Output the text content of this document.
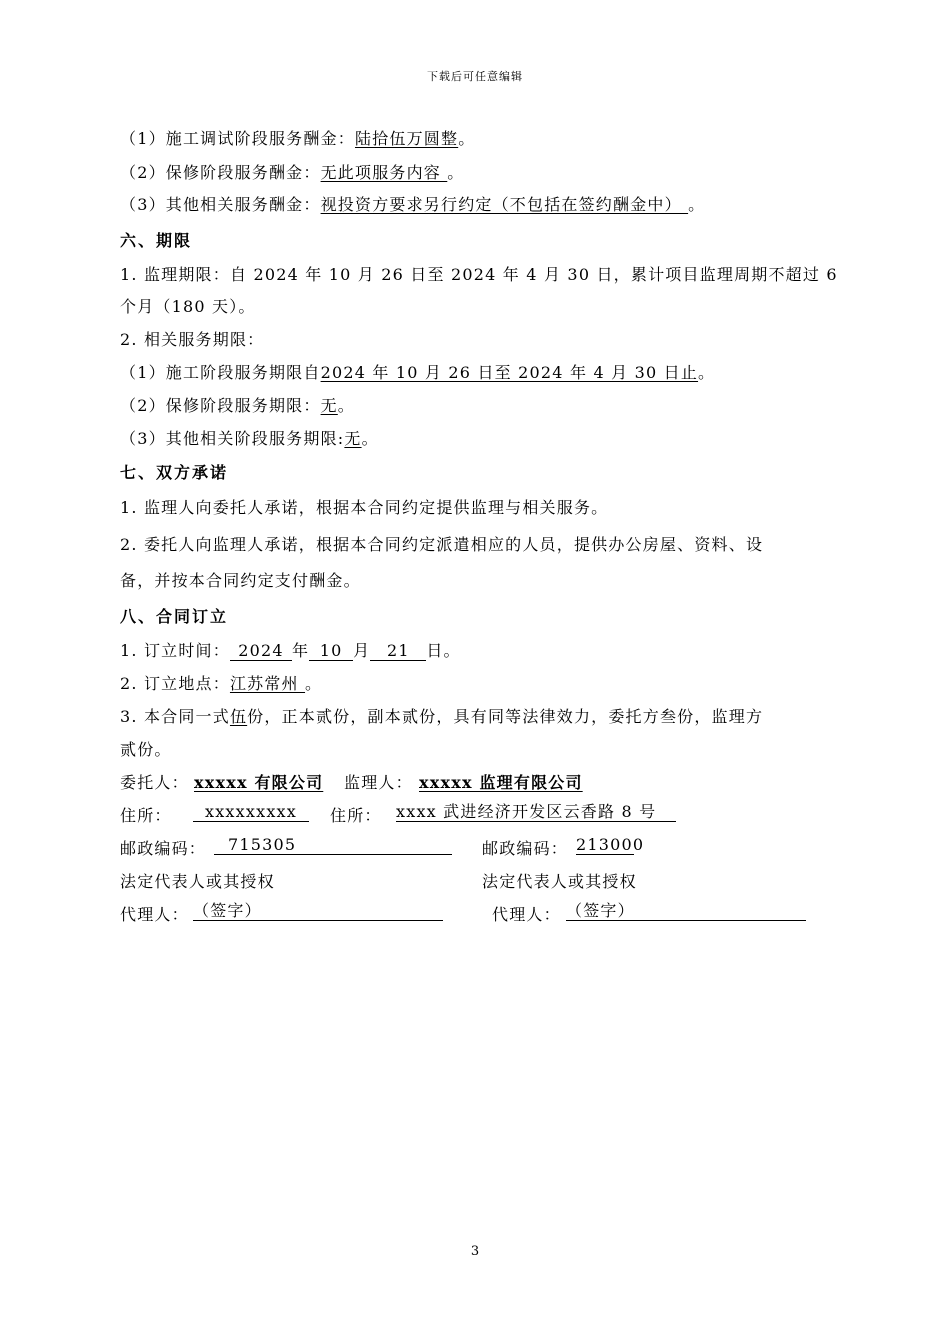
下载后可任意编辑
（1）施工调试阶段服务酬金：陆拾伍万圆整。
（2）保修阶段服务酬金：无此项服务内容 。
（3）其他相关服务酬金：视投资方要求另行约定（不包括在签约酬金中） 。
六、期限
1. 监理期限：自 2024 年 10 月 26 日至 2024 年 4 月 30 日，累计项目监理周期不超过 6
个月（180 天）。
2. 相关服务期限：
（1）施工阶段服务期限自2024 年 10 月 26 日至 2024 年 4 月 30 日止。
（2）保修阶段服务期限：无。
（3）其他相关阶段服务期限:无。
七、双方承诺
1. 监理人向委托人承诺，根据本合同约定提供监理与相关服务。
2. 委托人向监理人承诺，根据本合同约定派遣相应的人员，提供办公房屋、资料、设
备，并按本合同约定支付酬金。
八、合同订立
1. 订立时间：2024年10月21日。
2. 订立地点：江苏常州 。
3. 本合同一式伍份，正本贰份，副本贰份，具有同等法律效力，委托方叁份，监理方
贰份。
委托人： xxxxx 有限公司 监理人： xxxxx 监理有限公司
住所：	xxxxxxxxx	住所： xxxx 武进经济开发区云香路 8 号
邮政编码：	715305	邮政编码： 213000
法定代表人或其授权	法定代表人或其授权
代理人： （签字）	代理人： （签字）
3
